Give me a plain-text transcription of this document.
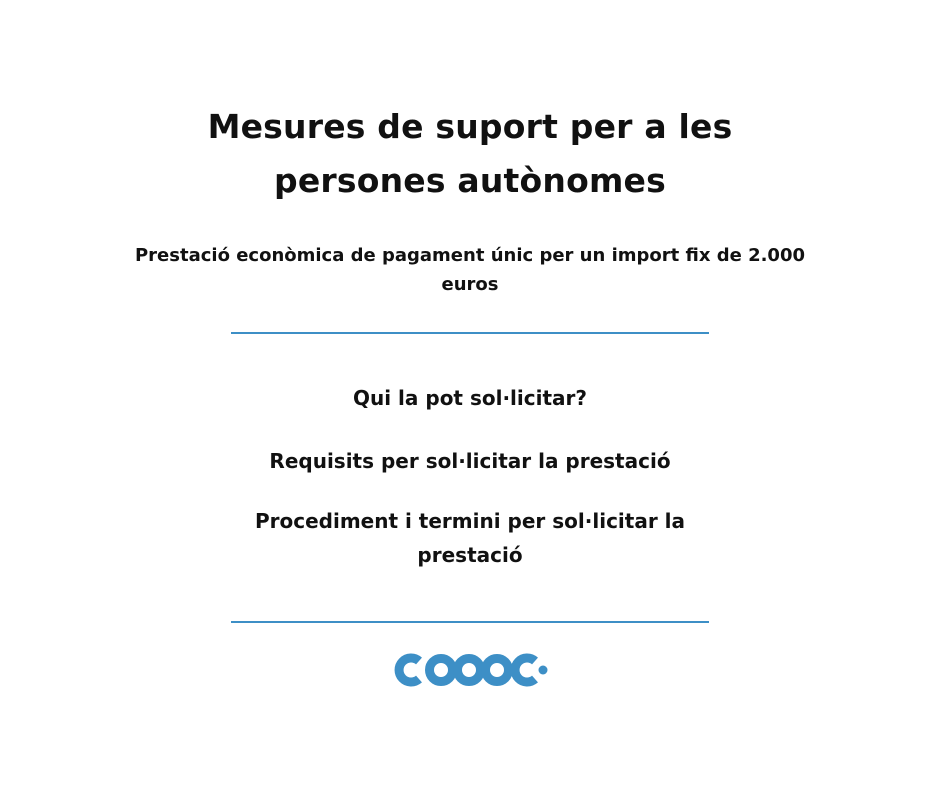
Mesures de suport per a les persones autònomes
Prestació econòmica de pagament únic per un import fix de 2.000 euros
Qui la pot sol·licitar?
Requisits per sol·licitar la prestació
Procediment i termini per sol·licitar la prestació
